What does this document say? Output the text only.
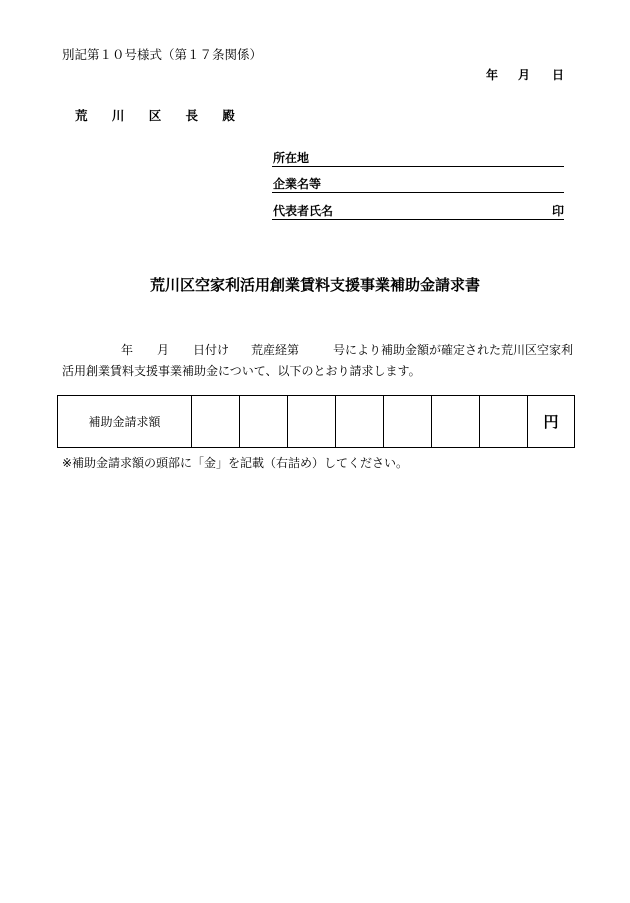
別記第１０号様式（第１７条関係）
年 月 日
荒 川 区 長 殿
所在地
企業名等
代表者氏名	印
荒川区空家利活用創業賃料支援事業補助金請求書
年 月 日付け 荒産経第	号により補助金額が確定された荒川区空家利
活用創業賃料支援事業補助金について、以下のとおり請求します。
補助金請求額								円
※補助金請求額の頭部に「金」を記載（右詰め）してください。
